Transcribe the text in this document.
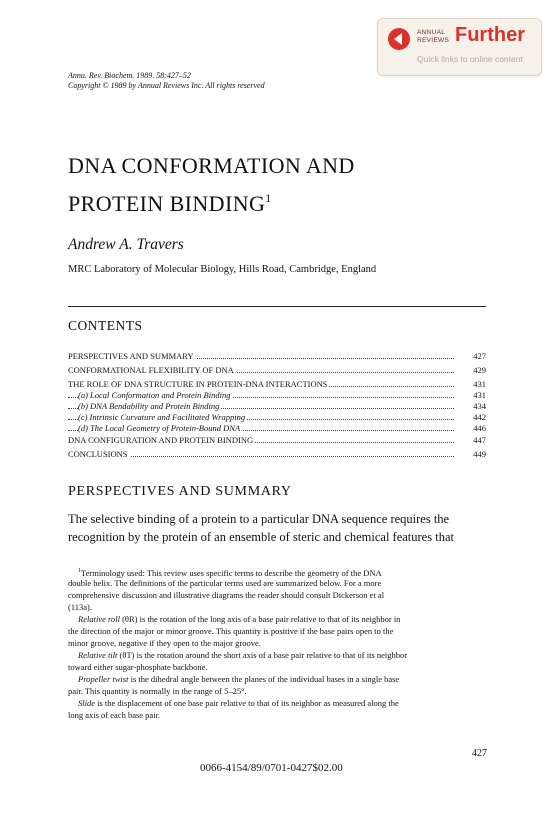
ANNUAL
REVIEWS Further
Quick links to online content
Annu. Rev. Biochem. 1989. 58:427–52
Copyright © 1989 by Annual Reviews Inc. All rights reserved
DNA CONFORMATION AND
PROTEIN BINDING$^1$
Andrew A. Travers
MRC Laboratory of Molecular Biology, Hills Road, Cambridge, England
CONTENTS
PERSPECTIVES AND SUMMARY	427
CONFORMATIONAL FLEXIBILITY OF DNA	429
THE ROLE OF DNA STRUCTURE IN PROTEIN-DNA INTERACTIONS	431
(a) Local Conformation and Protein Binding	431
(b) DNA Bendability and Protein Binding	434
(c) Intrinsic Curvature and Facilitated Wrapping	442
(d) The Local Geometry of Protein-Bound DNA	446
DNA CONFIGURATION AND PROTEIN BINDING	447
CONCLUSIONS	449
PERSPECTIVES AND SUMMARY
The selective binding of a protein to a particular DNA sequence requires the
recognition by the protein of an ensemble of steric and chemical features that
$^1$Terminology used: This review uses specific terms to describe the geometry of the DNA
double helix. The definitions of the particular terms used are summarized below. For a more
comprehensive discussion and illustrative diagrams the reader should consult Dickerson et al
(113a).
Relative roll (θR) is the rotation of the long axis of a base pair relative to that of its neighbor in
the direction of the major or minor groove. This quantity is positive if the base pairs open to the
minor groove, negative if they open to the major groove.
Relative tilt (θT) is the rotation around the short axis of a base pair relative to that of its neighbor
toward either sugar-phosphate backbone.
Propeller twist is the dihedral angle between the planes of the individual bases in a single base
pair. This quantity is normally in the range of 5–25°.
Slide is the displacement of one base pair relative to that of its neighbor as measured along the
long axis of each base pair.
427
0066-4154/89/0701-0427$02.00
